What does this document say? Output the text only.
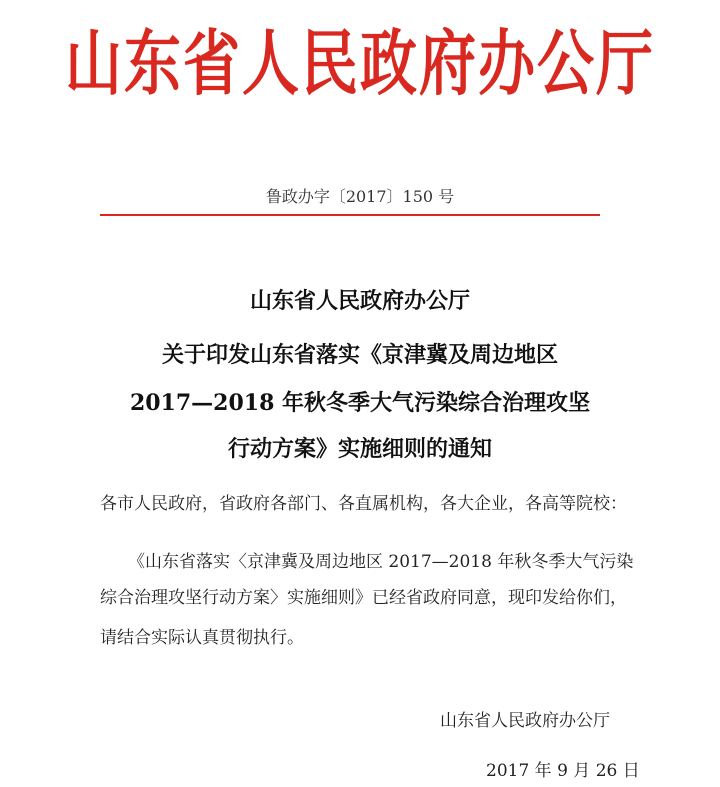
山东省人民政府办公厅
鲁政办字〔2017〕150 号
山东省人民政府办公厅
关于印发山东省落实《京津冀及周边地区
2017—2018 年秋冬季大气污染综合治理攻坚
行动方案》实施细则的通知
各市人民政府，省政府各部门、各直属机构，各大企业，各高等院校：
《山东省落实〈京津冀及周边地区 2017—2018 年秋冬季大气污染
综合治理攻坚行动方案〉实施细则》已经省政府同意，现印发给你们，
请结合实际认真贯彻执行。
山东省人民政府办公厅
2017 年 9 月 26 日
